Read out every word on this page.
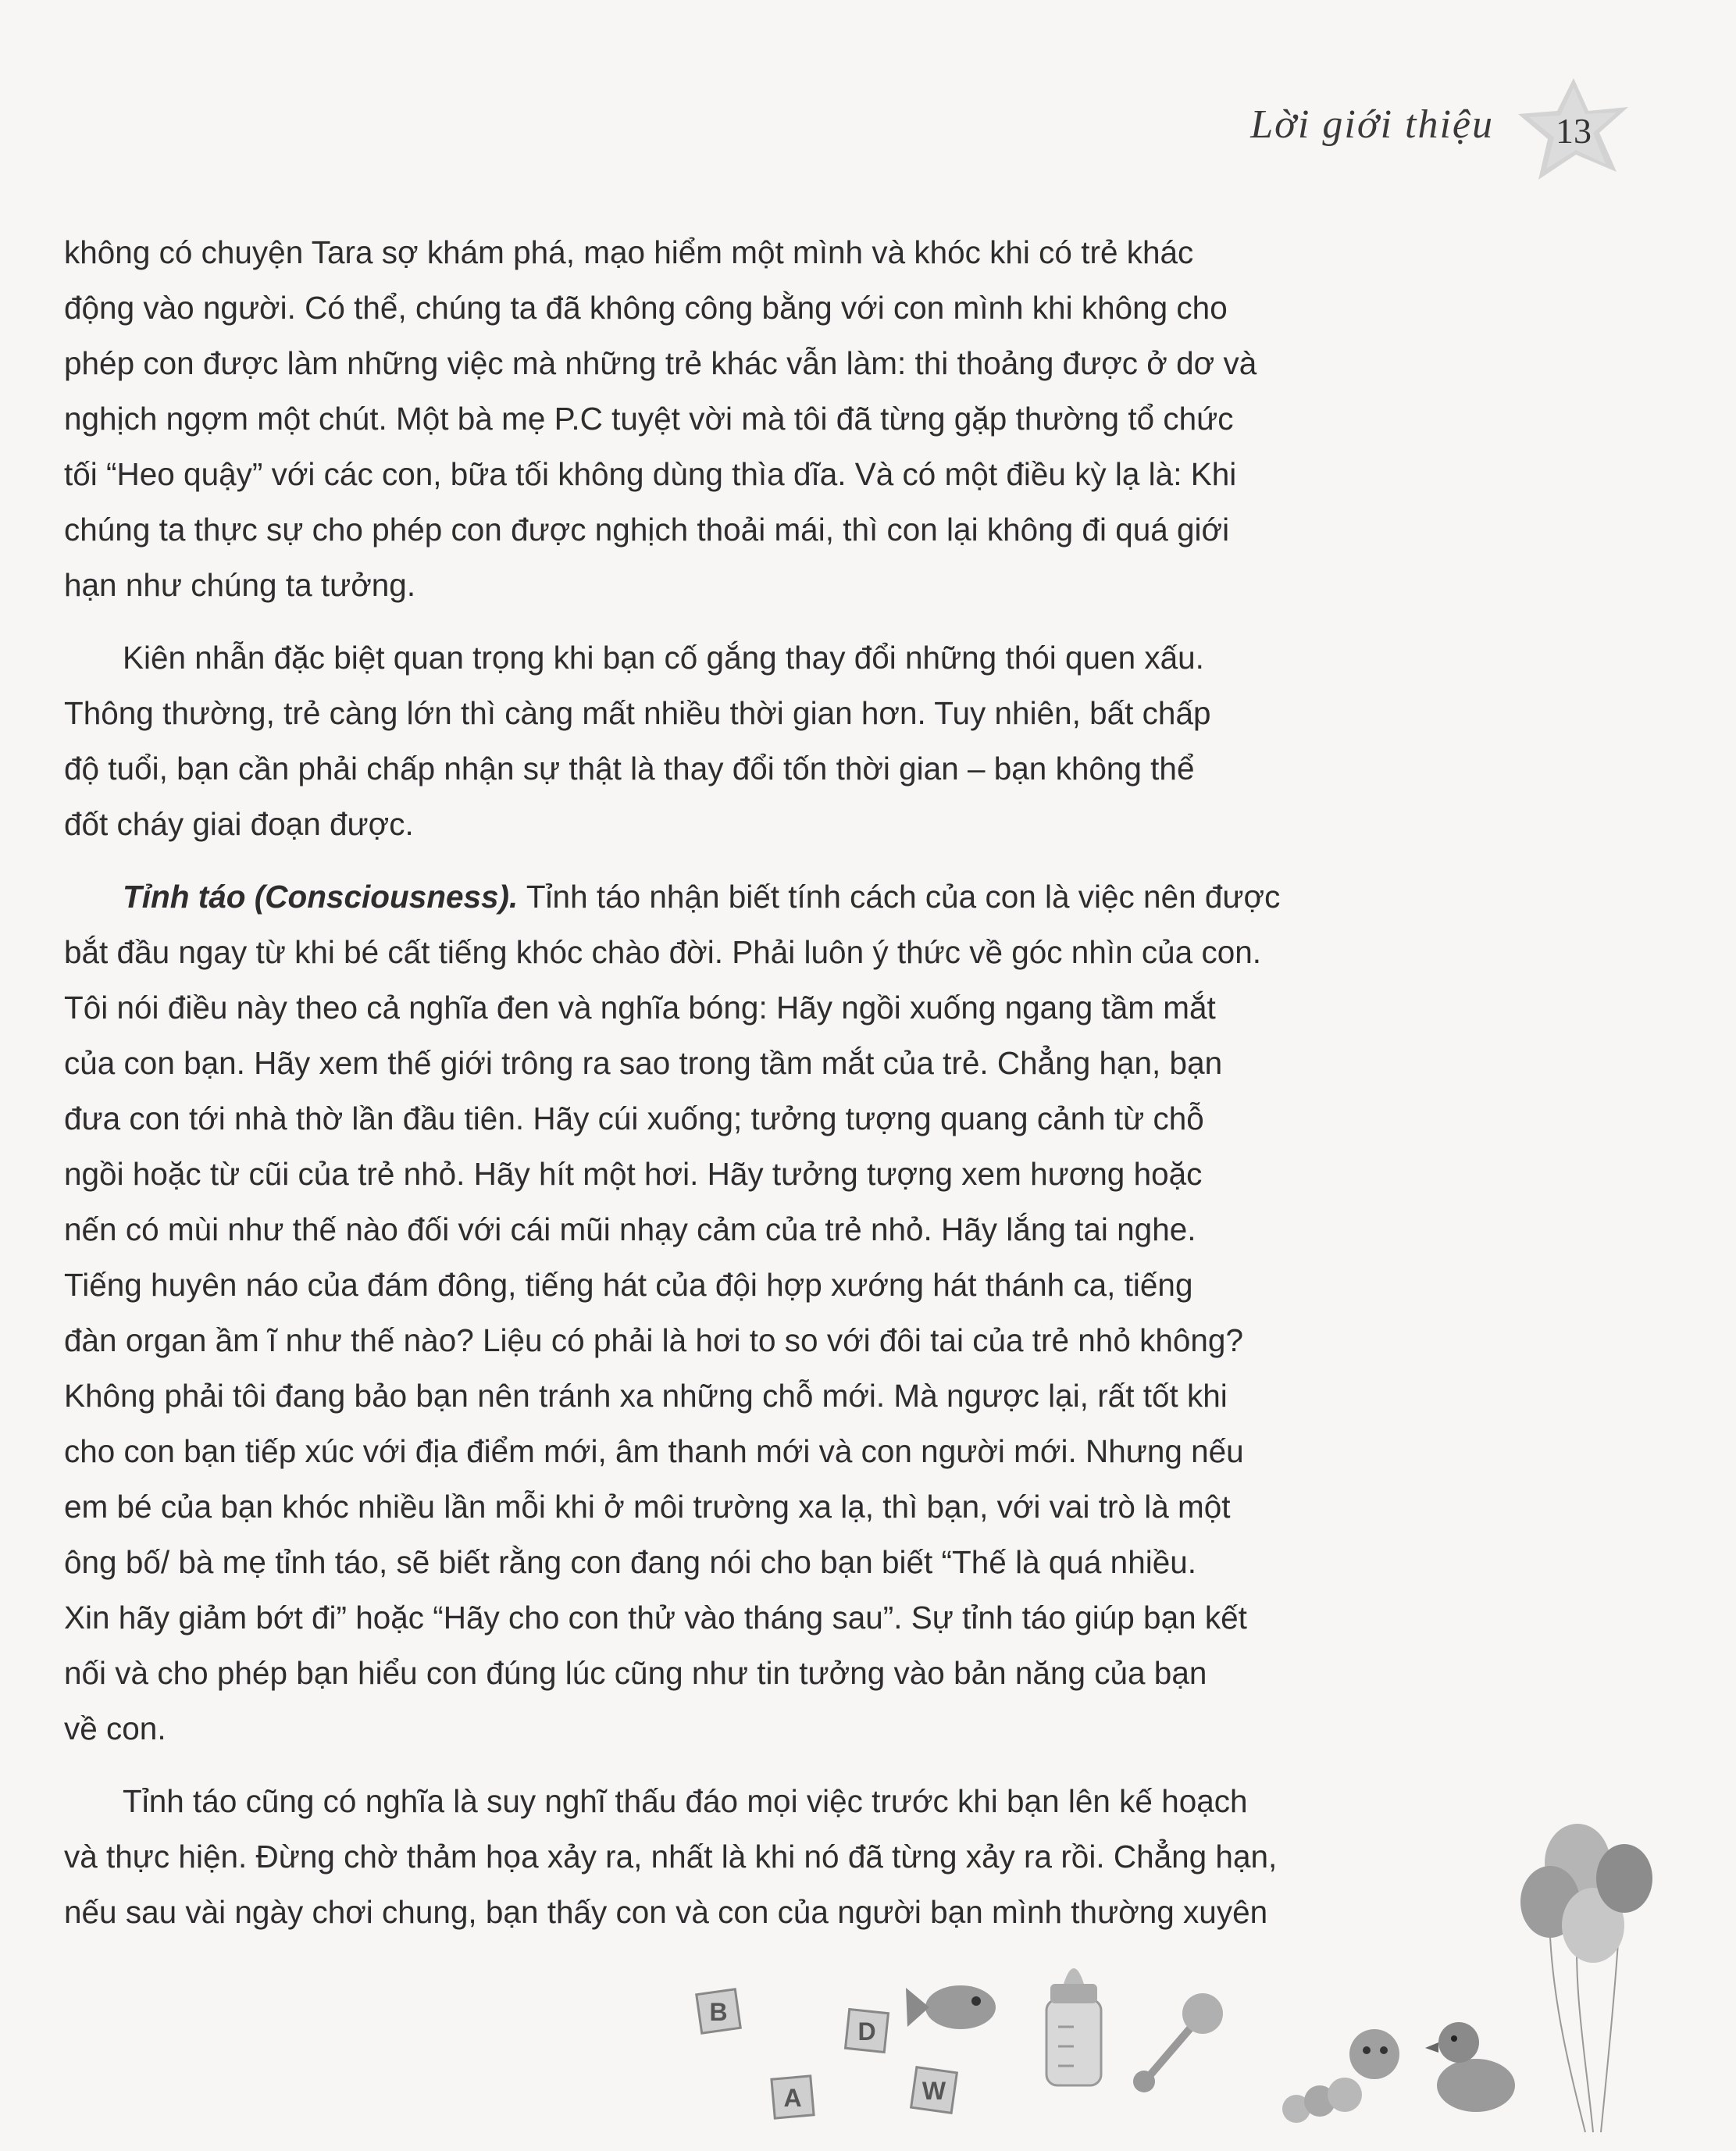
Lời giới thiệu	13

không có chuyện Tara sợ khám phá, mạo hiểm một mình và khóc khi có trẻ khác

động vào người. Có thể, chúng ta đã không công bằng với con mình khi không cho

phép con được làm những việc mà những trẻ khác vẫn làm: thi thoảng được ở dơ và

nghịch ngợm một chút. Một bà mẹ P.C tuyệt vời mà tôi đã từng gặp thường tổ chức

tối “Heo quậy” với các con, bữa tối không dùng thìa dĩa. Và có một điều kỳ lạ là: Khi

chúng ta thực sự cho phép con được nghịch thoải mái, thì con lại không đi quá giới

hạn như chúng ta tưởng.

Kiên nhẫn đặc biệt quan trọng khi bạn cố gắng thay đổi những thói quen xấu.

Thông thường, trẻ càng lớn thì càng mất nhiều thời gian hơn. Tuy nhiên, bất chấp

độ tuổi, bạn cần phải chấp nhận sự thật là thay đổi tốn thời gian – bạn không thể

đốt cháy giai đoạn được.

Tỉnh táo (Consciousness). Tỉnh táo nhận biết tính cách của con là việc nên được

bắt đầu ngay từ khi bé cất tiếng khóc chào đời. Phải luôn ý thức về góc nhìn của con.

Tôi nói điều này theo cả nghĩa đen và nghĩa bóng: Hãy ngồi xuống ngang tầm mắt

của con bạn. Hãy xem thế giới trông ra sao trong tầm mắt của trẻ. Chẳng hạn, bạn

đưa con tới nhà thờ lần đầu tiên. Hãy cúi xuống; tưởng tượng quang cảnh từ chỗ

ngồi hoặc từ cũi của trẻ nhỏ. Hãy hít một hơi. Hãy tưởng tượng xem hương hoặc

nến có mùi như thế nào đối với cái mũi nhạy cảm của trẻ nhỏ. Hãy lắng tai nghe.

Tiếng huyên náo của đám đông, tiếng hát của đội hợp xướng hát thánh ca, tiếng

đàn organ ầm ĩ như thế nào? Liệu có phải là hơi to so với đôi tai của trẻ nhỏ không?

Không phải tôi đang bảo bạn nên tránh xa những chỗ mới. Mà ngược lại, rất tốt khi

cho con bạn tiếp xúc với địa điểm mới, âm thanh mới và con người mới. Nhưng nếu

em bé của bạn khóc nhiều lần mỗi khi ở môi trường xa lạ, thì bạn, với vai trò là một

ông bố/ bà mẹ tỉnh táo, sẽ biết rằng con đang nói cho bạn biết “Thế là quá nhiều.

Xin hãy giảm bớt đi” hoặc “Hãy cho con thử vào tháng sau”. Sự tỉnh táo giúp bạn kết

nối và cho phép bạn hiểu con đúng lúc cũng như tin tưởng vào bản năng của bạn

về con.

Tỉnh táo cũng có nghĩa là suy nghĩ thấu đáo mọi việc trước khi bạn lên kế hoạch

và thực hiện. Đừng chờ thảm họa xảy ra, nhất là khi nó đã từng xảy ra rồi. Chẳng hạn,

nếu sau vài ngày chơi chung, bạn thấy con và con của người bạn mình thường xuyên

B
D
A	W
